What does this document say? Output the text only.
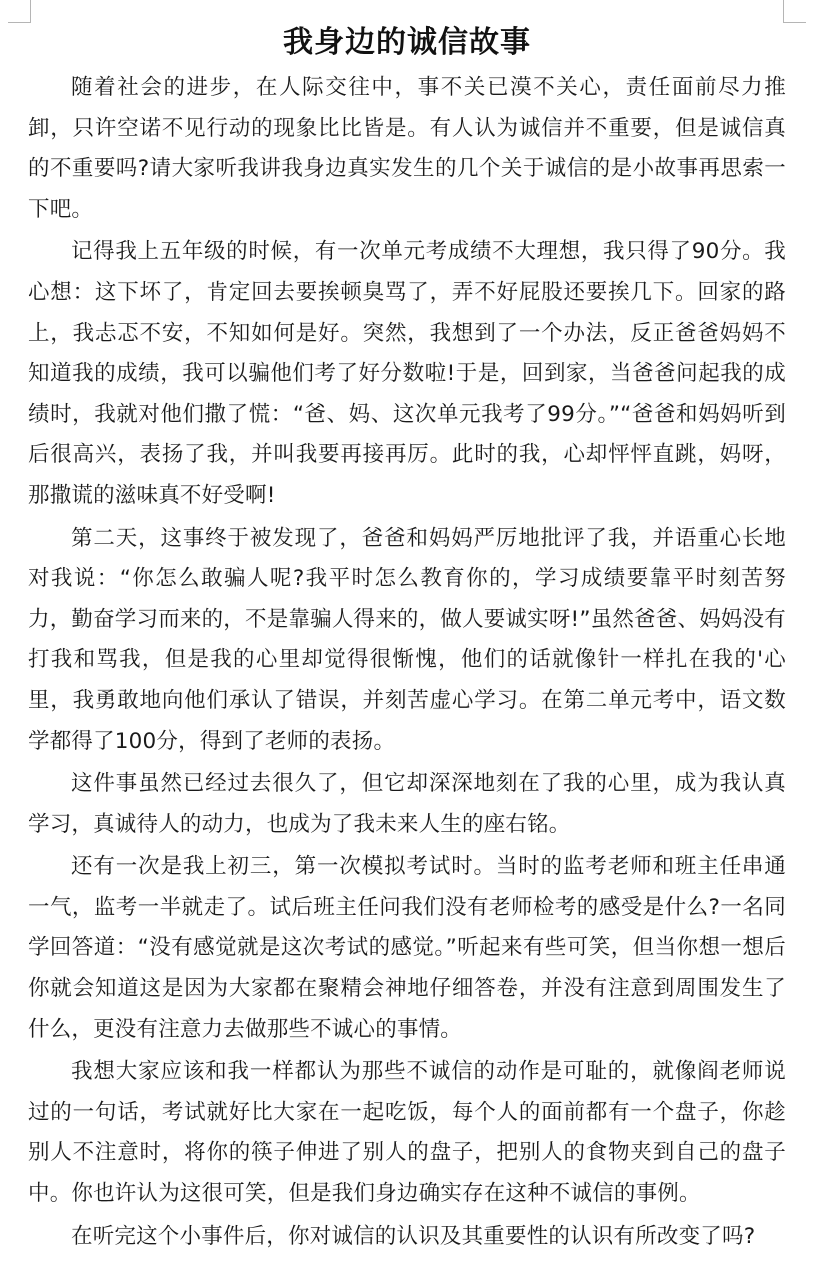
我身边的诚信故事

随着社会的进步，在人际交往中，事不关已漠不关心，责任面前尽力推卸，只许空诺不见行动的现象比比皆是。有人认为诚信并不重要，但是诚信真的不重要吗?请大家听我讲我身边真实发生的几个关于诚信的是小故事再思索一下吧。

记得我上五年级的时候，有一次单元考成绩不大理想，我只得了90分。我心想：这下坏了，肯定回去要挨顿臭骂了，弄不好屁股还要挨几下。回家的路上，我忐忑不安，不知如何是好。突然，我想到了一个办法，反正爸爸妈妈不知道我的成绩，我可以骗他们考了好分数啦!于是，回到家，当爸爸问起我的成绩时，我就对他们撒了慌：“爸、妈、这次单元我考了99分。”“爸爸和妈妈听到后很高兴，表扬了我，并叫我要再接再厉。此时的我，心却怦怦直跳，妈呀，那撒谎的滋味真不好受啊!

第二天，这事终于被发现了，爸爸和妈妈严厉地批评了我，并语重心长地对我说：“你怎么敢骗人呢?我平时怎么教育你的，学习成绩要靠平时刻苦努力，勤奋学习而来的，不是靠骗人得来的，做人要诚实呀!”虽然爸爸、妈妈没有打我和骂我，但是我的心里却觉得很惭愧，他们的话就像针一样扎在我的'心里，我勇敢地向他们承认了错误，并刻苦虚心学习。在第二单元考中，语文数学都得了100分，得到了老师的表扬。

这件事虽然已经过去很久了，但它却深深地刻在了我的心里，成为我认真学习，真诚待人的动力，也成为了我未来人生的座右铭。

还有一次是我上初三，第一次模拟考试时。当时的监考老师和班主任串通一气，监考一半就走了。试后班主任问我们没有老师检考的感受是什么?一名同学回答道：“没有感觉就是这次考试的感觉。”听起来有些可笑，但当你想一想后你就会知道这是因为大家都在聚精会神地仔细答卷，并没有注意到周围发生了什么，更没有注意力去做那些不诚心的事情。

我想大家应该和我一样都认为那些不诚信的动作是可耻的，就像阎老师说过的一句话，考试就好比大家在一起吃饭，每个人的面前都有一个盘子，你趁别人不注意时，将你的筷子伸进了别人的盘子，把别人的食物夹到自己的盘子中。你也许认为这很可笑，但是我们身边确实存在这种不诚信的事例。

在听完这个小事件后，你对诚信的认识及其重要性的认识有所改变了吗?
